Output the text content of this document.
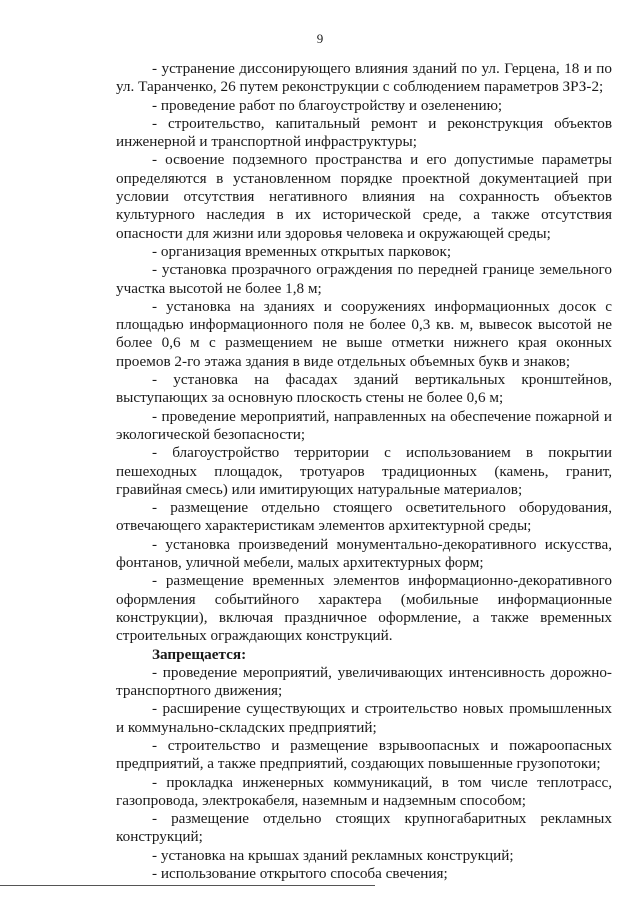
9

- устранение диссонирующего влияния зданий по ул. Герцена, 18 и по ул. Таранченко, 26 путем реконструкции с соблюдением параметров ЗРЗ-2;

- проведение работ по благоустройству и озеленению;

- строительство, капитальный ремонт и реконструкция объектов инженерной и транспортной инфраструктуры;

- освоение подземного пространства и его допустимые параметры определяются в установленном порядке проектной документацией при условии отсутствия негативного влияния на сохранность объектов культурного наследия в их исторической среде, а также отсутствия опасности для жизни или здоровья человека и окружающей среды;

- организация временных открытых парковок;

- установка прозрачного ограждения по передней границе земельного участка высотой не более 1,8 м;

- установка на зданиях и сооружениях информационных досок с площадью информационного поля не более 0,3 кв. м, вывесок высотой не более 0,6 м с размещением не выше отметки нижнего края оконных проемов 2-го этажа здания в виде отдельных объемных букв и знаков;

- установка на фасадах зданий вертикальных кронштейнов, выступающих за основную плоскость стены не более 0,6 м;

- проведение мероприятий, направленных на обеспечение пожарной и экологической безопасности;

- благоустройство территории с использованием в покрытии пешеходных площадок, тротуаров традиционных (камень, гранит, гравийная смесь) или имитирующих натуральные материалов;

- размещение отдельно стоящего осветительного оборудования, отвечающего характеристикам элементов архитектурной среды;

- установка произведений монументально-декоративного искусства, фонтанов, уличной мебели, малых архитектурных форм;

- размещение временных элементов информационно-декоративного оформления событийного характера (мобильные информационные конструкции), включая праздничное оформление, а также временных строительных ограждающих конструкций.

Запрещается:

- проведение мероприятий, увеличивающих интенсивность дорожно-транспортного движения;

- расширение существующих и строительство новых промышленных и коммунально-складских предприятий;

- строительство и размещение взрывоопасных и пожароопасных предприятий, а также предприятий, создающих повышенные грузопотоки;

- прокладка инженерных коммуникаций, в том числе теплотрасс, газопровода, электрокабеля, наземным и надземным способом;

- размещение отдельно стоящих крупногабаритных рекламных конструкций;

- установка на крышах зданий рекламных конструкций;

- использование открытого способа свечения;
